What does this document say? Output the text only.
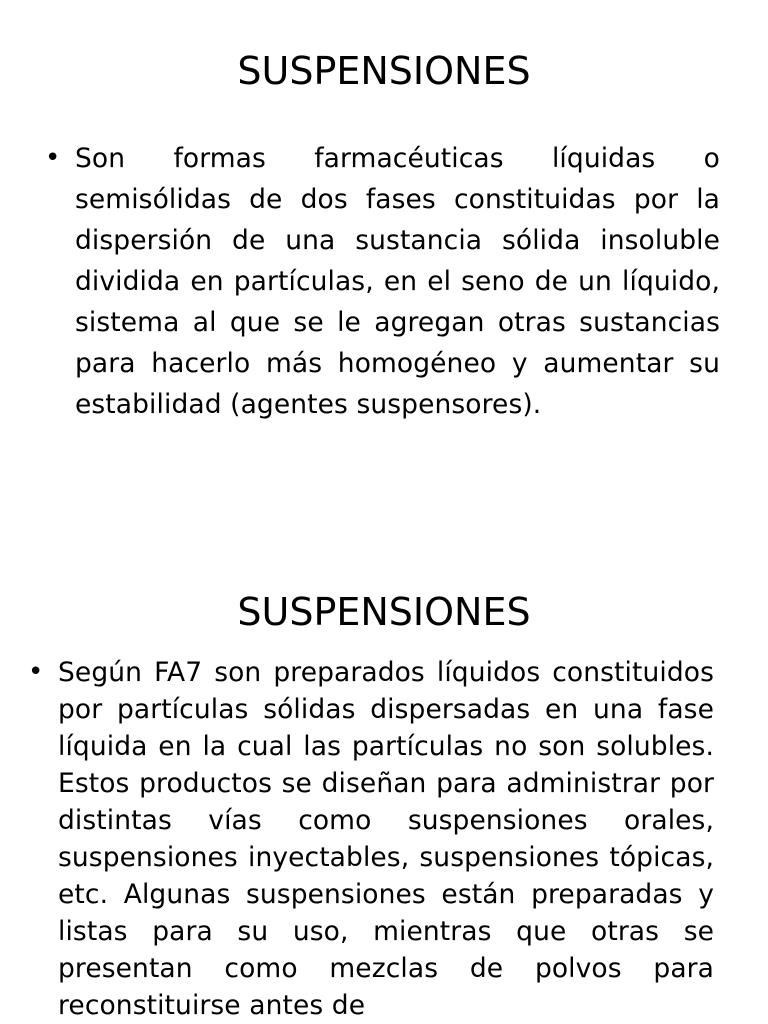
SUSPENSIONES
• Son formas farmacéuticas líquidas o semisólidas de dos fases constituidas por la dispersión de una sustancia sólida insoluble dividida en partículas, en el seno de un líquido, sistema al que se le agregan otras sustancias para hacerlo más homogéneo y aumentar su estabilidad (agentes suspensores).
SUSPENSIONES
• Según FA7 son preparados líquidos constituidos por partículas sólidas dispersadas en una fase líquida en la cual las partículas no son solubles. Estos productos se diseñan para administrar por distintas vías como suspensiones orales, suspensiones inyectables, suspensiones tópicas, etc. Algunas suspensiones están preparadas y listas para su uso, mientras que otras se presentan como mezclas de polvos para reconstituirse antes de
